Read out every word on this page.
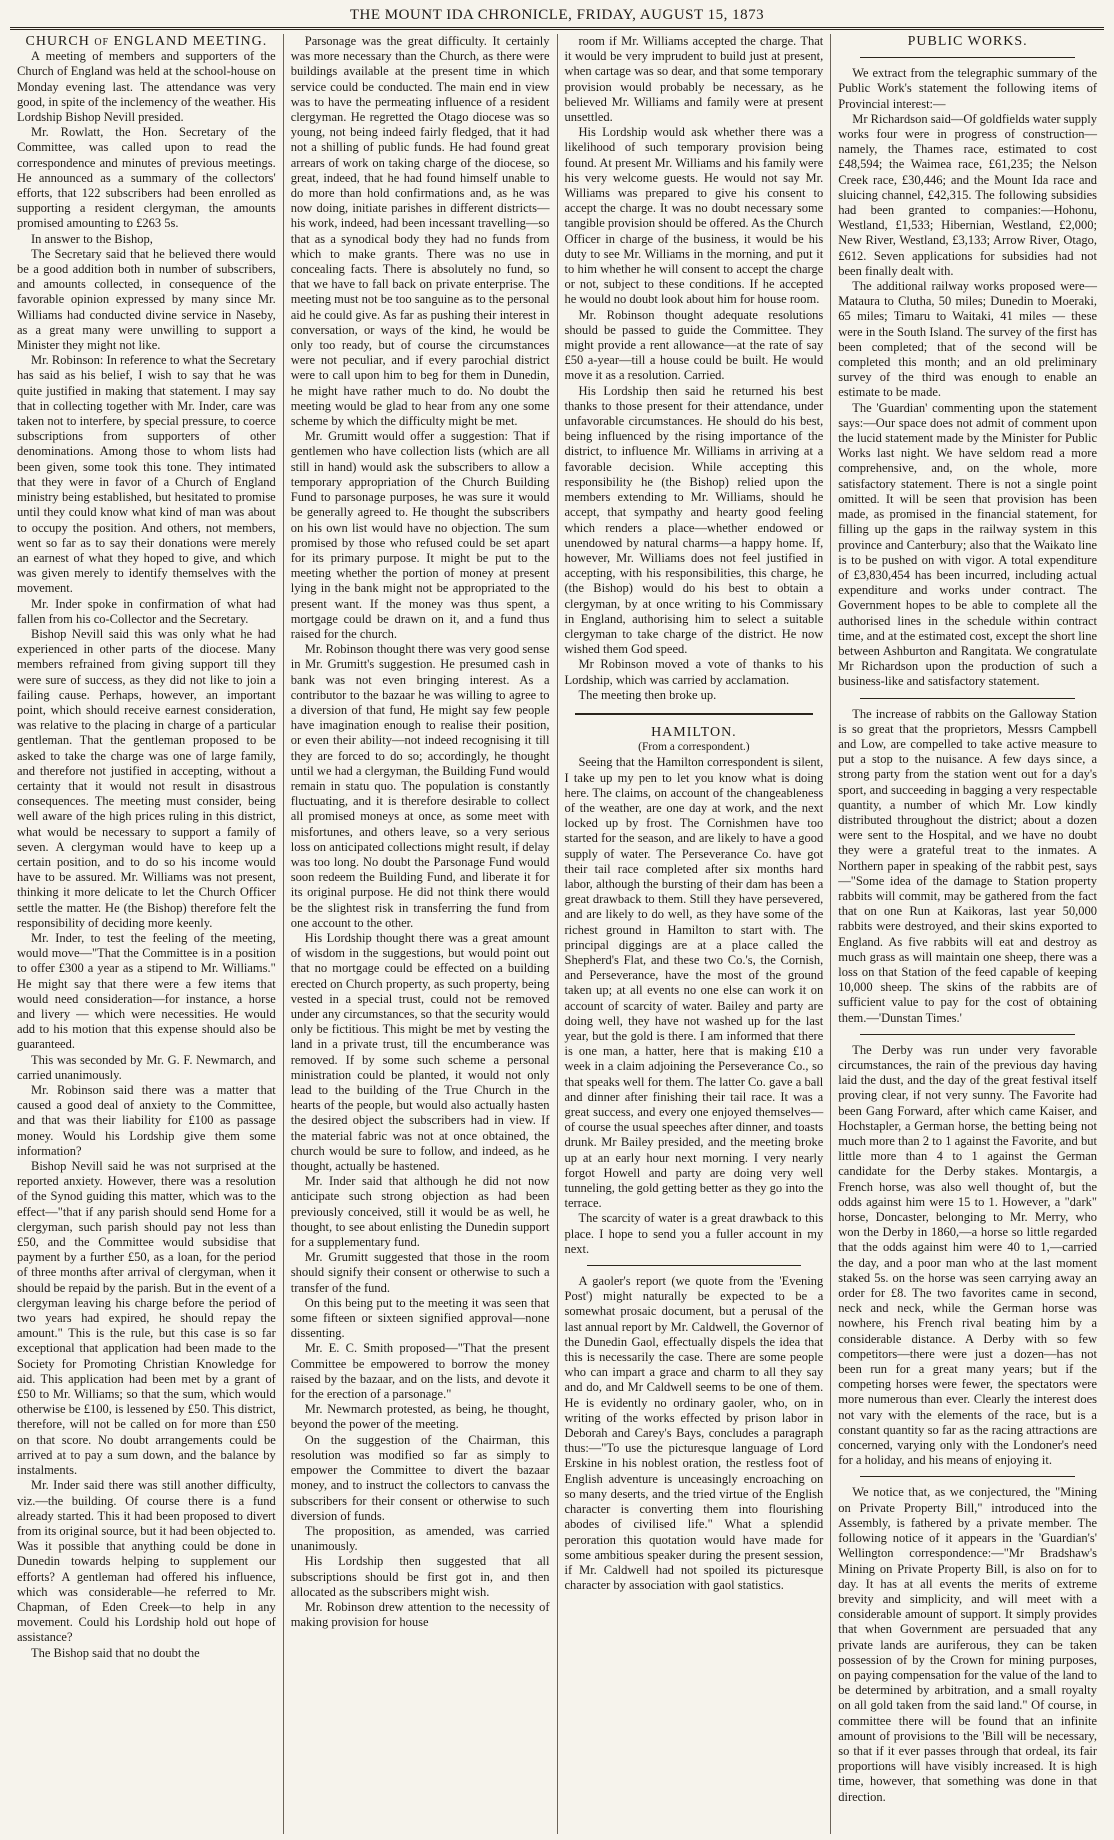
THE MOUNT IDA CHRONICLE, FRIDAY, AUGUST 15, 1873

CHURCH of ENGLAND MEETING.

A meeting of members and supporters of the Church of England was held at the school-house on Monday evening last. The attendance was very good, in spite of the inclemency of the weather. His Lordship Bishop Nevill presided.

Mr. Rowlatt, the Hon. Secretary of the Committee, was called upon to read the correspondence and minutes of previous meetings. He announced as a summary of the collectors' efforts, that 122 subscribers had been enrolled as supporting a resident clergyman, the amounts promised amounting to £263 5s.

In answer to the Bishop,

The Secretary said that he believed there would be a good addition both in number of subscribers, and amounts collected, in consequence of the favorable opinion expressed by many since Mr. Williams had conducted divine service in Naseby, as a great many were unwilling to support a Minister they might not like.

Mr. Robinson: In reference to what the Secretary has said as his belief, I wish to say that he was quite justified in making that statement. I may say that in collecting together with Mr. Inder, care was taken not to interfere, by special pressure, to coerce subscriptions from supporters of other denominations. Among those to whom lists had been given, some took this tone. They intimated that they were in favor of a Church of England ministry being established, but hesitated to promise until they could know what kind of man was about to occupy the position. And others, not members, went so far as to say their donations were merely an earnest of what they hoped to give, and which was given merely to identify themselves with the movement.

Mr. Inder spoke in confirmation of what had fallen from his co-Collector and the Secretary.

Bishop Nevill said this was only what he had experienced in other parts of the diocese. Many members refrained from giving support till they were sure of success, as they did not like to join a failing cause. Perhaps, however, an important point, which should receive earnest consideration, was relative to the placing in charge of a particular gentleman. That the gentleman proposed to be asked to take the charge was one of large family, and therefore not justified in accepting, without a certainty that it would not result in disastrous consequences. The meeting must consider, being well aware of the high prices ruling in this district, what would be necessary to support a family of seven. A clergyman would have to keep up a certain position, and to do so his income would have to be assured. Mr. Williams was not present, thinking it more delicate to let the Church Officer settle the matter. He (the Bishop) therefore felt the responsibility of deciding more keenly.

Mr. Inder, to test the feeling of the meeting, would move—"That the Committee is in a position to offer £300 a year as a stipend to Mr. Williams." He might say that there were a few items that would need consideration—for instance, a horse and livery — which were necessities. He would add to his motion that this expense should also be guaranteed.

This was seconded by Mr. G. F. Newmarch, and carried unanimously.

Mr. Robinson said there was a matter that caused a good deal of anxiety to the Committee, and that was their liability for £100 as passage money. Would his Lordship give them some information?

Bishop Nevill said he was not surprised at the reported anxiety. However, there was a resolution of the Synod guiding this matter, which was to the effect—"that if any parish should send Home for a clergyman, such parish should pay not less than £50, and the Committee would subsidise that payment by a further £50, as a loan, for the period of three months after arrival of clergyman, when it should be repaid by the parish. But in the event of a clergyman leaving his charge before the period of two years had expired, he should repay the amount." This is the rule, but this case is so far exceptional that application had been made to the Society for Promoting Christian Knowledge for aid. This application had been met by a grant of £50 to Mr. Williams; so that the sum, which would otherwise be £100, is lessened by £50. This district, therefore, will not be called on for more than £50 on that score. No doubt arrangements could be arrived at to pay a sum down, and the balance by instalments.

Mr. Inder said there was still another difficulty, viz.—the building. Of course there is a fund already started. This it had been proposed to divert from its original source, but it had been objected to. Was it possible that anything could be done in Dunedin towards helping to supplement our efforts? A gentleman had offered his influence, which was considerable—he referred to Mr. Chapman, of Eden Creek—to help in any movement. Could his Lordship hold out hope of assistance?

The Bishop said that no doubt the

Parsonage was the great difficulty. It certainly was more necessary than the Church, as there were buildings available at the present time in which service could be conducted. The main end in view was to have the permeating influence of a resident clergyman. He regretted the Otago diocese was so young, not being indeed fairly fledged, that it had not a shilling of public funds. He had found great arrears of work on taking charge of the diocese, so great, indeed, that he had found himself unable to do more than hold confirmations and, as he was now doing, initiate parishes in different districts—his work, indeed, had been incessant travelling—so that as a synodical body they had no funds from which to make grants. There was no use in concealing facts. There is absolutely no fund, so that we have to fall back on private enterprise. The meeting must not be too sanguine as to the personal aid he could give. As far as pushing their interest in conversation, or ways of the kind, he would be only too ready, but of course the circumstances were not peculiar, and if every parochial district were to call upon him to beg for them in Dunedin, he might have rather much to do. No doubt the meeting would be glad to hear from any one some scheme by which the difficulty might be met.

Mr. Grumitt would offer a suggestion: That if gentlemen who have collection lists (which are all still in hand) would ask the subscribers to allow a temporary appropriation of the Church Building Fund to parsonage purposes, he was sure it would be generally agreed to. He thought the subscribers on his own list would have no objection. The sum promised by those who refused could be set apart for its primary purpose. It might be put to the meeting whether the portion of money at present lying in the bank might not be appropriated to the present want. If the money was thus spent, a mortgage could be drawn on it, and a fund thus raised for the church.

Mr. Robinson thought there was very good sense in Mr. Grumitt's suggestion. He presumed cash in bank was not even bringing interest. As a contributor to the bazaar he was willing to agree to a diversion of that fund, He might say few people have imagination enough to realise their position, or even their ability—not indeed recognising it till they are forced to do so; accordingly, he thought until we had a clergyman, the Building Fund would remain in statu quo. The population is constantly fluctuating, and it is therefore desirable to collect all promised moneys at once, as some meet with misfortunes, and others leave, so a very serious loss on anticipated collections might result, if delay was too long. No doubt the Parsonage Fund would soon redeem the Building Fund, and liberate it for its original purpose. He did not think there would be the slightest risk in transferring the fund from one account to the other.

His Lordship thought there was a great amount of wisdom in the suggestions, but would point out that no mortgage could be effected on a building erected on Church property, as such property, being vested in a special trust, could not be removed under any circumstances, so that the security would only be fictitious. This might be met by vesting the land in a private trust, till the encumberance was removed. If by some such scheme a personal ministration could be planted, it would not only lead to the building of the True Church in the hearts of the people, but would also actually hasten the desired object the subscribers had in view. If the material fabric was not at once obtained, the church would be sure to follow, and indeed, as he thought, actually be hastened.

Mr. Inder said that although he did not now anticipate such strong objection as had been previously conceived, still it would be as well, he thought, to see about enlisting the Dunedin support for a supplementary fund.

Mr. Grumitt suggested that those in the room should signify their consent or otherwise to such a transfer of the fund.

On this being put to the meeting it was seen that some fifteen or sixteen signified approval—none dissenting.

Mr. E. C. Smith proposed—"That the present Committee be empowered to borrow the money raised by the bazaar, and on the lists, and devote it for the erection of a parsonage."

Mr. Newmarch protested, as being, he thought, beyond the power of the meeting.

On the suggestion of the Chairman, this resolution was modified so far as simply to empower the Committee to divert the bazaar money, and to instruct the collectors to canvass the subscribers for their consent or otherwise to such diversion of funds.

The proposition, as amended, was carried unanimously.

His Lordship then suggested that all subscriptions should be first got in, and then allocated as the subscribers might wish.

Mr. Robinson drew attention to the necessity of making provision for house

room if Mr. Williams accepted the charge. That it would be very imprudent to build just at present, when cartage was so dear, and that some temporary provision would probably be necessary, as he believed Mr. Williams and family were at present unsettled.

His Lordship would ask whether there was a likelihood of such temporary provision being found. At present Mr. Williams and his family were his very welcome guests. He would not say Mr. Williams was prepared to give his consent to accept the charge. It was no doubt necessary some tangible provision should be offered. As the Church Officer in charge of the business, it would be his duty to see Mr. Williams in the morning, and put it to him whether he will consent to accept the charge or not, subject to these conditions. If he accepted he would no doubt look about him for house room.

Mr. Robinson thought adequate resolutions should be passed to guide the Committee. They might provide a rent allowance—at the rate of say £50 a-year—till a house could be built. He would move it as a resolution. Carried.

His Lordship then said he returned his best thanks to those present for their attendance, under unfavorable circumstances. He should do his best, being influenced by the rising importance of the district, to influence Mr. Williams in arriving at a favorable decision. While accepting this responsibility he (the Bishop) relied upon the members extending to Mr. Williams, should he accept, that sympathy and hearty good feeling which renders a place—whether endowed or unendowed by natural charms—a happy home. If, however, Mr. Williams does not feel justified in accepting, with his responsibilities, this charge, he (the Bishop) would do his best to obtain a clergyman, by at once writing to his Commissary in England, authorising him to select a suitable clergyman to take charge of the district. He now wished them God speed.

Mr Robinson moved a vote of thanks to his Lordship, which was carried by acclamation.

The meeting then broke up.

HAMILTON.

(From a correspondent.)

Seeing that the Hamilton correspondent is silent, I take up my pen to let you know what is doing here. The claims, on account of the changeableness of the weather, are one day at work, and the next locked up by frost. The Cornishmen have too started for the season, and are likely to have a good supply of water. The Perseverance Co. have got their tail race completed after six months hard labor, although the bursting of their dam has been a great drawback to them. Still they have persevered, and are likely to do well, as they have some of the richest ground in Hamilton to start with. The principal diggings are at a place called the Shepherd's Flat, and these two Co.'s, the Cornish, and Perseverance, have the most of the ground taken up; at all events no one else can work it on account of scarcity of water. Bailey and party are doing well, they have not washed up for the last year, but the gold is there. I am informed that there is one man, a hatter, here that is making £10 a week in a claim adjoining the Perseverance Co., so that speaks well for them. The latter Co. gave a ball and dinner after finishing their tail race. It was a great success, and every one enjoyed themselves—of course the usual speeches after dinner, and toasts drunk. Mr Bailey presided, and the meeting broke up at an early hour next morning. I very nearly forgot Howell and party are doing very well tunneling, the gold getting better as they go into the terrace.

The scarcity of water is a great drawback to this place. I hope to send you a fuller account in my next.

A gaoler's report (we quote from the 'Evening Post') might naturally be expected to be a somewhat prosaic document, but a perusal of the last annual report by Mr. Caldwell, the Governor of the Dunedin Gaol, effectually dispels the idea that this is necessarily the case. There are some people who can impart a grace and charm to all they say and do, and Mr Caldwell seems to be one of them. He is evidently no ordinary gaoler, who, on in writing of the works effected by prison labor in Deborah and Carey's Bays, concludes a paragraph thus:—"To use the picturesque language of Lord Erskine in his noblest oration, the restless foot of English adventure is unceasingly encroaching on so many deserts, and the tried virtue of the English character is converting them into flourishing abodes of civilised life." What a splendid peroration this quotation would have made for some ambitious speaker during the present session, if Mr. Caldwell had not spoiled its picturesque character by association with gaol statistics.

PUBLIC WORKS.

We extract from the telegraphic summary of the Public Work's statement the following items of Provincial interest:—

Mr Richardson said—Of goldfields water supply works four were in progress of construction—namely, the Thames race, estimated to cost £48,594; the Waimea race, £61,235; the Nelson Creek race, £30,446; and the Mount Ida race and sluicing channel, £42,315. The following subsidies had been granted to companies:—Hohonu, Westland, £1,533; Hibernian, Westland, £2,000; New River, Westland, £3,133; Arrow River, Otago, £612. Seven applications for subsidies had not been finally dealt with.

The additional railway works proposed were—Mataura to Clutha, 50 miles; Dunedin to Moeraki, 65 miles; Timaru to Waitaki, 41 miles — these were in the South Island. The survey of the first has been completed; that of the second will be completed this month; and an old preliminary survey of the third was enough to enable an estimate to be made.

The 'Guardian' commenting upon the statement says:—Our space does not admit of comment upon the lucid statement made by the Minister for Public Works last night. We have seldom read a more comprehensive, and, on the whole, more satisfactory statement. There is not a single point omitted. It will be seen that provision has been made, as promised in the financial statement, for filling up the gaps in the railway system in this province and Canterbury; also that the Waikato line is to be pushed on with vigor. A total expenditure of £3,830,454 has been incurred, including actual expenditure and works under contract. The Government hopes to be able to complete all the authorised lines in the schedule within contract time, and at the estimated cost, except the short line between Ashburton and Rangitata. We congratulate Mr Richardson upon the production of such a business-like and satisfactory statement.

The increase of rabbits on the Galloway Station is so great that the proprietors, Messrs Campbell and Low, are compelled to take active measure to put a stop to the nuisance. A few days since, a strong party from the station went out for a day's sport, and succeeding in bagging a very respectable quantity, a number of which Mr. Low kindly distributed throughout the district; about a dozen were sent to the Hospital, and we have no doubt they were a grateful treat to the inmates. A Northern paper in speaking of the rabbit pest, says—"Some idea of the damage to Station property rabbits will commit, may be gathered from the fact that on one Run at Kaikoras, last year 50,000 rabbits were destroyed, and their skins exported to England. As five rabbits will eat and destroy as much grass as will maintain one sheep, there was a loss on that Station of the feed capable of keeping 10,000 sheep. The skins of the rabbits are of sufficient value to pay for the cost of obtaining them.—'Dunstan Times.'

The Derby was run under very favorable circumstances, the rain of the previous day having laid the dust, and the day of the great festival itself proving clear, if not very sunny. The Favorite had been Gang Forward, after which came Kaiser, and Hochstapler, a German horse, the betting being not much more than 2 to 1 against the Favorite, and but little more than 4 to 1 against the German candidate for the Derby stakes. Montargis, a French horse, was also well thought of, but the odds against him were 15 to 1. However, a "dark" horse, Doncaster, belonging to Mr. Merry, who won the Derby in 1860,—a horse so little regarded that the odds against him were 40 to 1,—carried the day, and a poor man who at the last moment staked 5s. on the horse was seen carrying away an order for £8. The two favorites came in second, neck and neck, while the German horse was nowhere, his French rival beating him by a considerable distance. A Derby with so few competitors—there were just a dozen—has not been run for a great many years; but if the competing horses were fewer, the spectators were more numerous than ever. Clearly the interest does not vary with the elements of the race, but is a constant quantity so far as the racing attractions are concerned, varying only with the Londoner's need for a holiday, and his means of enjoying it.

We notice that, as we conjectured, the "Mining on Private Property Bill," introduced into the Assembly, is fathered by a private member. The following notice of it appears in the 'Guardian's' Wellington correspondence:—"Mr Bradshaw's Mining on Private Property Bill, is also on for to day. It has at all events the merits of extreme brevity and simplicity, and will meet with a considerable amount of support. It simply provides that when Government are persuaded that any private lands are auriferous, they can be taken possession of by the Crown for mining purposes, on paying compensation for the value of the land to be determined by arbitration, and a small royalty on all gold taken from the said land." Of course, in committee there will be found that an infinite amount of provisions to the 'Bill will be necessary, so that if it ever passes through that ordeal, its fair proportions will have visibly increased. It is high time, however, that something was done in that direction.
